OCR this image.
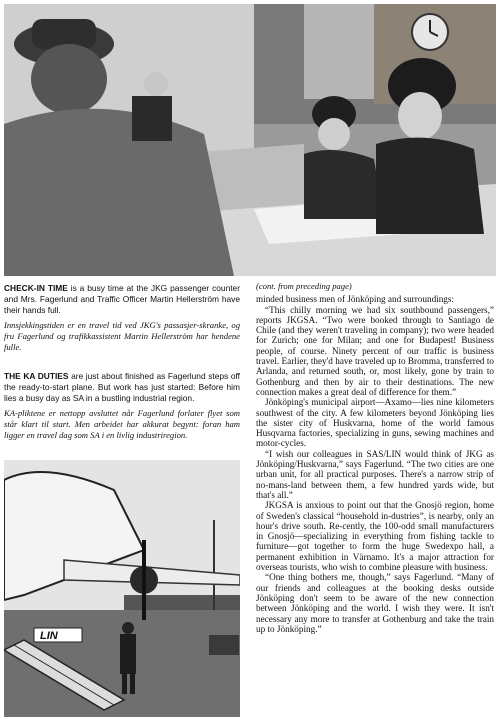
CHECK-IN TIME is a busy time at the JKG passenger counter and Mrs. Fagerlund and Traffic Officer Martin Hellerström have their hands full.
Innsjekkingstiden er en travel tid ved JKG's passasjer-skranke, og fru Fagerlund og trafikkassistent Martin Hellerström har hendene fulle.
THE KA DUTIES are just about finished as Fagerlund steps off the ready-to-start plane. But work has just started: Before him lies a busy day as SA in a bustling industrial region.
KA-pliktene er nettopp avsluttet når Fagerlund forlater flyet som står klart til start. Men arbeidet har akkurat begynt: foran ham ligger en travel dag som SA i en livlig industriregion.
LIN

(cont. from preceding page)

minded business men of Jönköping and surroundings:

“This chilly morning we had six southbound passengers,” reports JKGSA. “Two were booked through to Santiago de Chile (and they weren't traveling in company); two were headed for Zurich; one for Milan; and one for Budapest! Business people, of course. Ninety percent of our traffic is business travel. Earlier, they'd have traveled up to Bromma, transferred to Arlanda, and returned south, or, most likely, gone by train to Gothenburg and then by air to their destinations. The new connection makes a great deal of difference for them.”

Jönköping's municipal airport—Axamo—lies nine kilometers southwest of the city. A few kilometers beyond Jönköping lies the sister city of Huskvarna, home of the world famous Husqvarna factories, specializing in guns, sewing machines and motor-cycles.

“I wish our colleagues in SAS/LIN would think of JKG as Jönköping/Huskvarna,” says Fagerlund. “The two cities are one urban unit, for all practical purposes. There's a narrow strip of no-mans-land between them, a few hundred yards wide, but that's all.”

JKGSA is anxious to point out that the Gnosjö region, home of Sweden's classical “household in-dustries”, is nearby, only an hour's drive south. Re-cently, the 100-odd small manufacturers in Gnosjö—specializing in everything from fishing tackle to furniture—got together to form the huge Swedexpo hall, a permanent exhibition in Värnamo. It's a major attraction for overseas tourists, who wish to combine pleasure with business.

“One thing bothers me, though,” says Fagerlund. “Many of our friends and colleagues at the booking desks outside Jönköping don't seem to be aware of the new connection between Jönköping and the world. I wish they were. It isn't necessary any more to transfer at Gothenburg and take the train up to Jönköping.”
